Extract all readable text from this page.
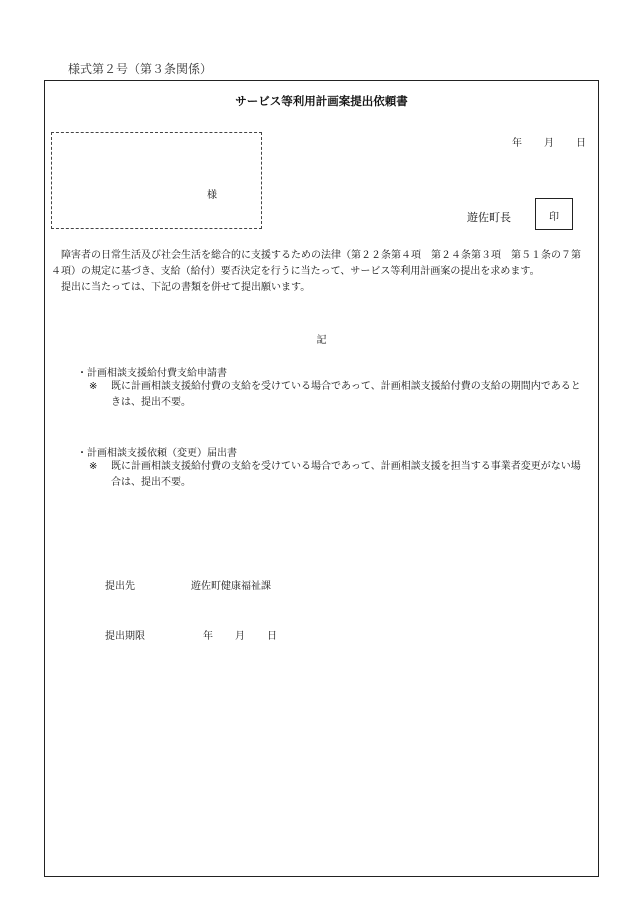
様式第２号（第３条関係）
サービス等利用計画案提出依頼書
様
年 月 日
遊佐町長	印

障害者の日常生活及び社会生活を総合的に支援するための法律（第２２条第４項　第２４条第３項　第５１条の７第４項）の規定に基づき、支給（給付）要否決定を行うに当たって、サービス等利用計画案の提出を求めます。

提出に当たっては、下記の書類を併せて提出願います。

記
・計画相談支援給付費支給申請書
※ 既に計画相談支援給付費の支給を受けている場合であって、計画相談支援給付費の支給の期間内であるときは、提出不要。
・計画相談支援依頼（変更）届出書
※ 既に計画相談支援給付費の支給を受けている場合であって、計画相談支援を担当する事業者変更がない場合は、提出不要。
提出先	遊佐町健康福祉課
提出期限	年 月 日
